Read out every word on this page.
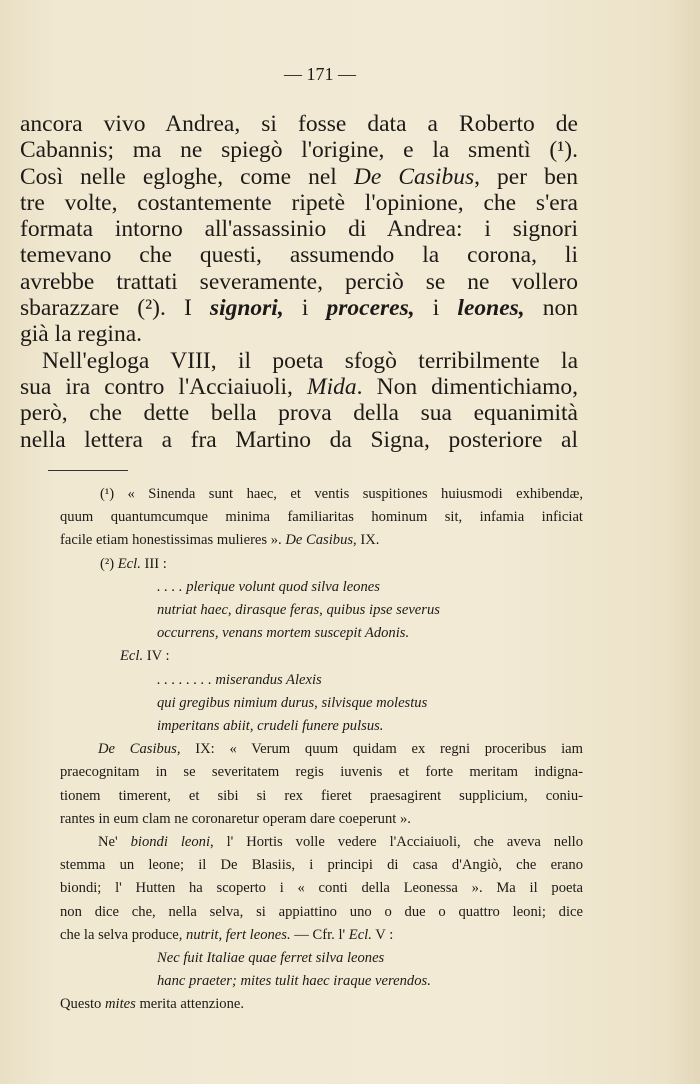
— 171 —
ancora vivo Andrea, si fosse data a Roberto de
Cabannis; ma ne spiegò l'origine, e la smentì (¹).
Così nelle egloghe, come nel De Casibus, per ben
tre volte, costantemente ripetè l'opinione, che s'era
formata intorno all'assassinio di Andrea: i signori
temevano che questi, assumendo la corona, li
avrebbe trattati severamente, perciò se ne vollero
sbarazzare (²). I signori, i proceres, i leones, non
già la regina.
Nell'egloga VIII, il poeta sfogò terribilmente la
sua ira contro l'Acciaiuoli, Mida. Non dimentichiamo,
però, che dette bella prova della sua equanimità
nella lettera a fra Martino da Signa, posteriore al
(¹) « Sinenda sunt haec, et ventis suspitiones huiusmodi exhibendæ,
quum quantumcumque minima familiaritas hominum sit, infamia inficiat
facile etiam honestissimas mulieres ». De Casibus, IX.
(²) Ecl. III :
. . . . plerique volunt quod silva leones
nutriat haec, dirasque feras, quibus ipse severus
occurrens, venans mortem suscepit Adonis.
Ecl. IV :
. . . . . . . . miserandus Alexis
qui gregibus nimium durus, silvisque molestus
imperitans abiit, crudeli funere pulsus.
De Casibus, IX: « Verum quum quidam ex regni proceribus iam
praecognitam in se severitatem regis iuvenis et forte meritam indigna-
tionem timerent, et sibi si rex fieret praesagirent supplicium, coniu-
rantes in eum clam ne coronaretur operam dare coeperunt ».
Ne' biondi leoni, l' Hortis volle vedere l'Acciaiuoli, che aveva nello
stemma un leone; il De Blasiis, i principi di casa d'Angiò, che erano
biondi; l' Hutten ha scoperto i « conti della Leonessa ». Ma il poeta
non dice che, nella selva, si appiattino uno o due o quattro leoni; dice
che la selva produce, nutrit, fert leones. — Cfr. l' Ecl. V :
Nec fuit Italiae quae ferret silva leones
hanc praeter; mites tulit haec iraque verendos.
Questo mites merita attenzione.
